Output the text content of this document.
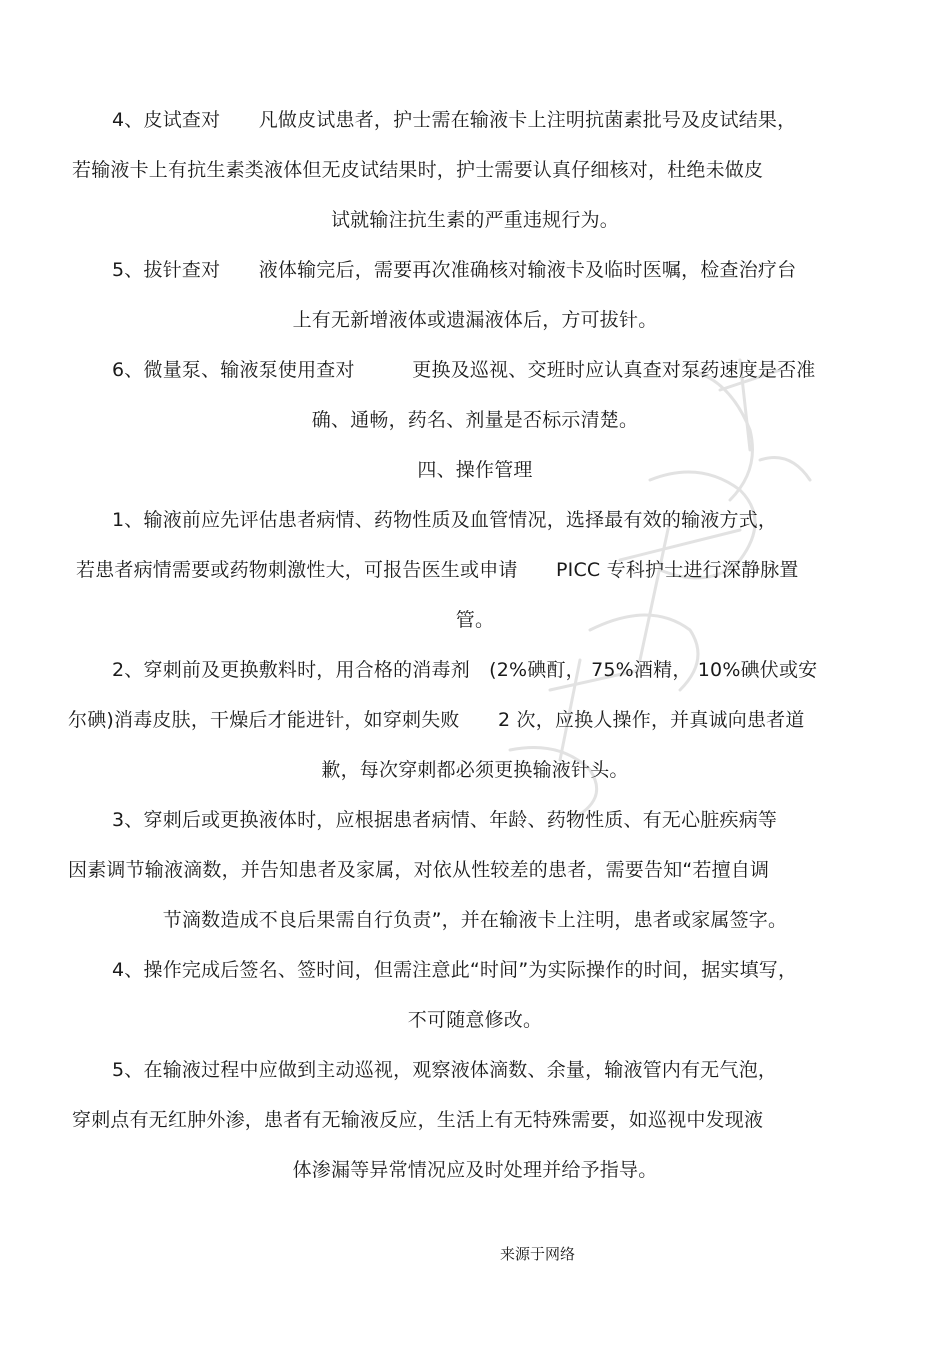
4、皮试查对　　凡做皮试患者，护士需在输液卡上注明抗菌素批号及皮试结果，
若输液卡上有抗生素类液体但无皮试结果时，护士需要认真仔细核对，杜绝未做皮
试就输注抗生素的严重违规行为。
5、拔针查对　　液体输完后，需要再次准确核对输液卡及临时医嘱，检查治疗台
上有无新增液体或遗漏液体后，方可拔针。
6、微量泵、输液泵使用查对　　　更换及巡视、交班时应认真查对泵药速度是否准
确、通畅，药名、剂量是否标示清楚。
四、操作管理
1、输液前应先评估患者病情、药物性质及血管情况，选择最有效的输液方式，
若患者病情需要或药物刺激性大，可报告医生或申请　　PICC 专科护士进行深静脉置
管。
2、穿刺前及更换敷料时，用合格的消毒剂　(2%碘酊， 75%酒精， 10%碘伏或安
尔碘)消毒皮肤，干燥后才能进针，如穿刺失败　　2 次，应换人操作，并真诚向患者道
歉，每次穿刺都必须更换输液针头。
3、穿刺后或更换液体时，应根据患者病情、年龄、药物性质、有无心脏疾病等
因素调节输液滴数，并告知患者及家属，对依从性较差的患者，需要告知“若擅自调
节滴数造成不良后果需自行负责”，并在输液卡上注明，患者或家属签字。
4、操作完成后签名、签时间，但需注意此“时间”为实际操作的时间，据实填写，
不可随意修改。
5、在输液过程中应做到主动巡视，观察液体滴数、余量，输液管内有无气泡，
穿刺点有无红肿外渗，患者有无输液反应，生活上有无特殊需要，如巡视中发现液
体渗漏等异常情况应及时处理并给予指导。
来源于网络
